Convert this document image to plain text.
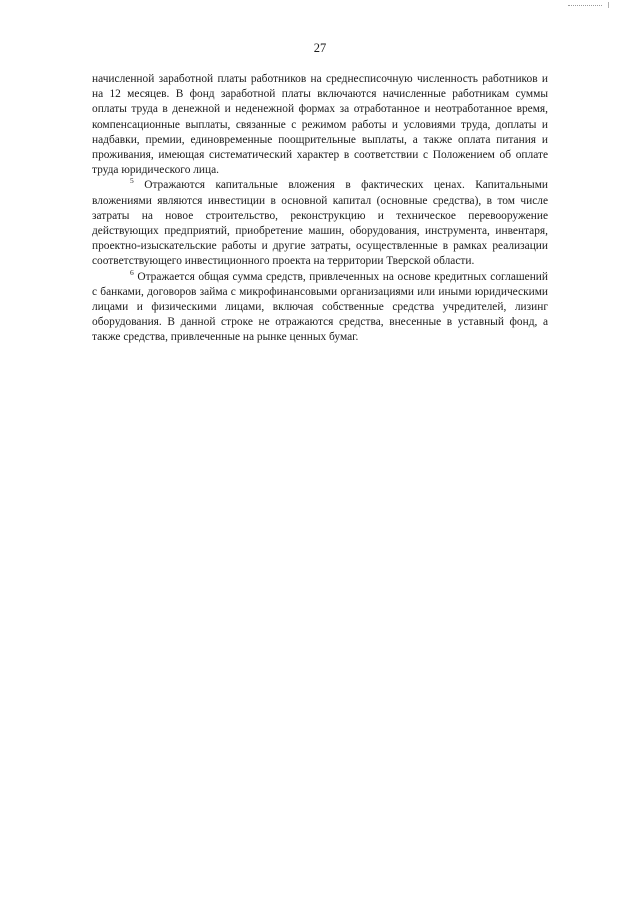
27

начисленной заработной платы работников на среднесписочную численность работников и на 12 месяцев. В фонд заработной платы включаются начисленные работникам суммы оплаты труда в денежной и неденежной формах за отработанное и неотработанное время, компенсационные выплаты, связанные с режимом работы и условиями труда, доплаты и надбавки, премии, единовременные поощрительные выплаты, а также оплата питания и проживания, имеющая систематический характер в соответствии с Положением об оплате труда юридического лица.

$^5$ Отражаются капитальные вложения в фактических ценах. Капитальными вложениями являются инвестиции в основной капитал (основные средства), в том числе затраты на новое строительство, реконструкцию и техническое перевооружение действующих предприятий, приобретение машин, оборудования, инструмента, инвентаря, проектно-изыскательские работы и другие затраты, осуществленные в рамках реализации соответствующего инвестиционного проекта на территории Тверской области.

$^6$ Отражается общая сумма средств, привлеченных на основе кредитных соглашений с банками, договоров займа с микрофинансовыми организациями или иными юридическими лицами и физическими лицами, включая собственные средства учредителей, лизинг оборудования. В данной строке не отражаются средства, внесенные в уставный фонд, а также средства, привлеченные на рынке ценных бумаг.
